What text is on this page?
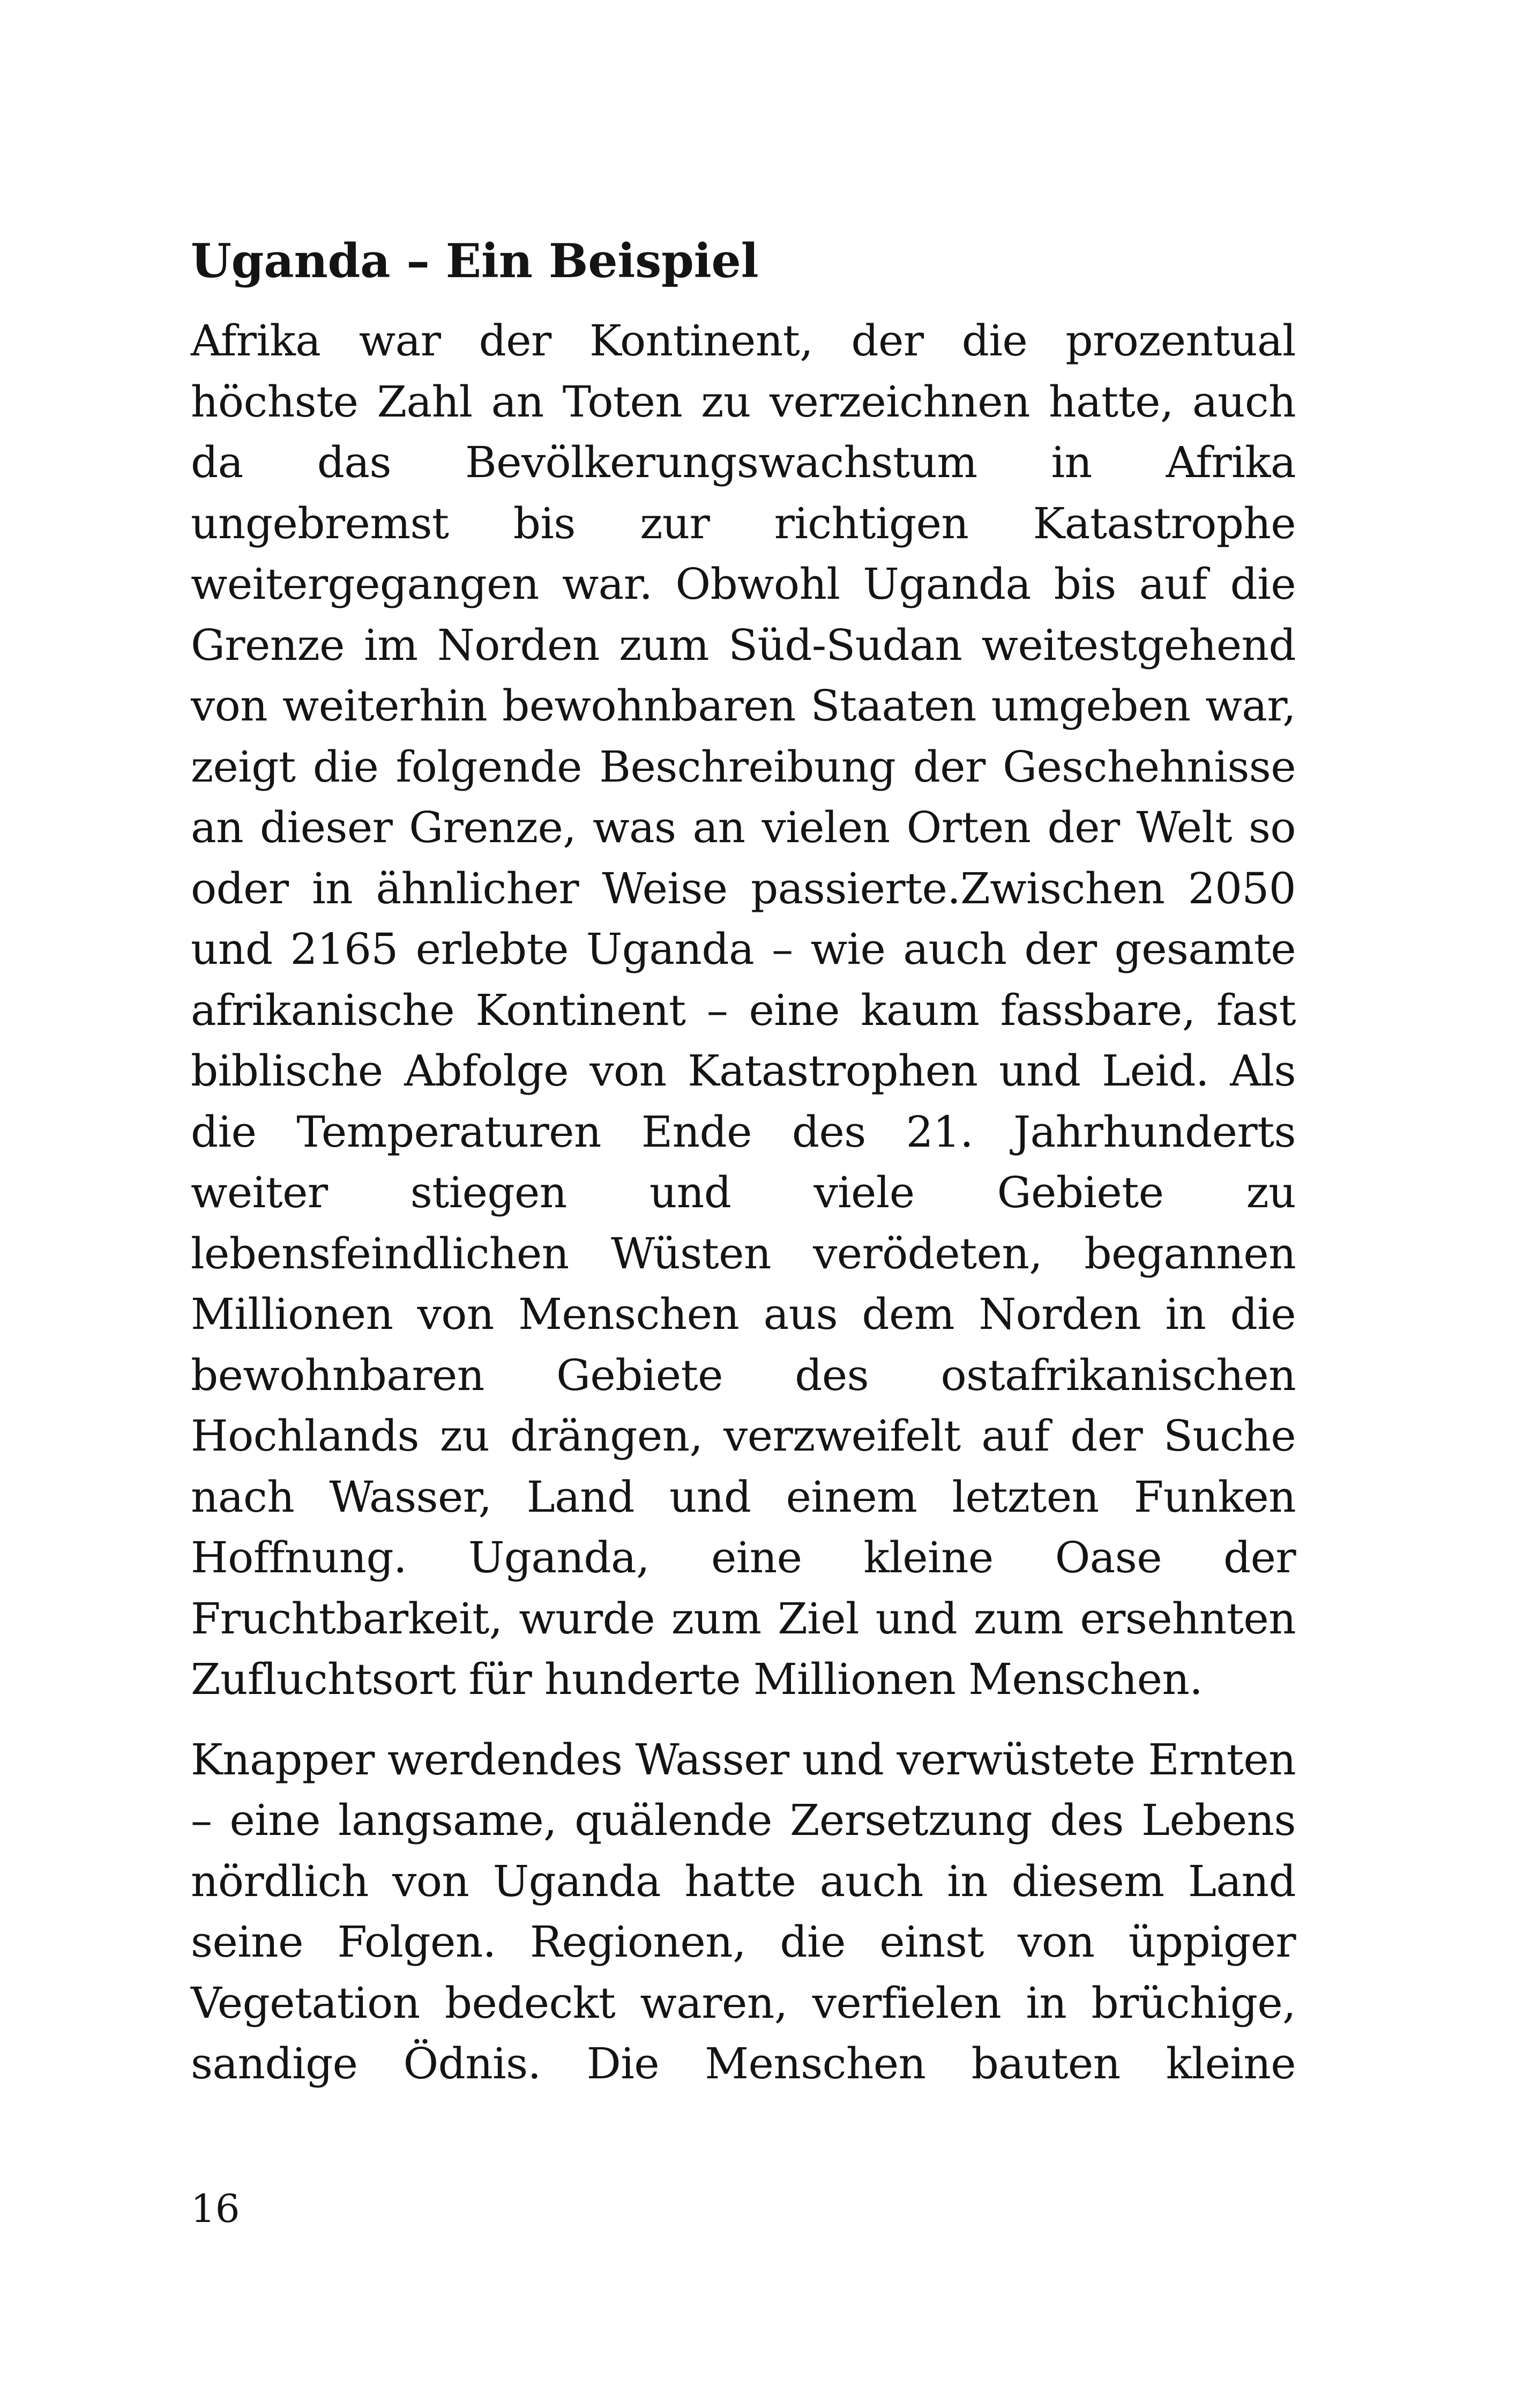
Uganda – Ein Beispiel

Afrika war der Kontinent, der die prozentual höchste Zahl an Toten zu verzeichnen hatte, auch da das Bevölkerungswachstum in Afrika ungebremst bis zur richtigen Katastrophe weitergegangen war. Obwohl Uganda bis auf die Grenze im Norden zum Süd-Sudan weitestgehend von weiterhin bewohnbaren Staaten umgeben war, zeigt die folgende Beschreibung der Geschehnisse an dieser Grenze, was an vielen Orten der Welt so oder in ähnlicher Weise passierte.Zwischen 2050 und 2165 erlebte Uganda – wie auch der gesamte afrikanische Kontinent – eine kaum fassbare, fast biblische Abfolge von Katastrophen und Leid. Als die Temperaturen Ende des 21. Jahrhunderts weiter stiegen und viele Gebiete zu lebensfeindlichen Wüsten verödeten, begannen Millionen von Menschen aus dem Norden in die bewohnbaren Gebiete des ostafrikanischen Hochlands zu drängen, verzweifelt auf der Suche nach Wasser, Land und einem letzten Funken Hoffnung. Uganda, eine kleine Oase der Fruchtbarkeit, wurde zum Ziel und zum ersehnten Zufluchtsort für hunderte Millionen Menschen.

Knapper werdendes Wasser und verwüstete Ernten – eine langsame, quälende Zersetzung des Lebens nördlich von Uganda hatte auch in diesem Land seine Folgen. Regionen, die einst von üppiger Vegetation bedeckt waren, verfielen in brüchige, sandige Ödnis. Die Menschen bauten kleine

16
